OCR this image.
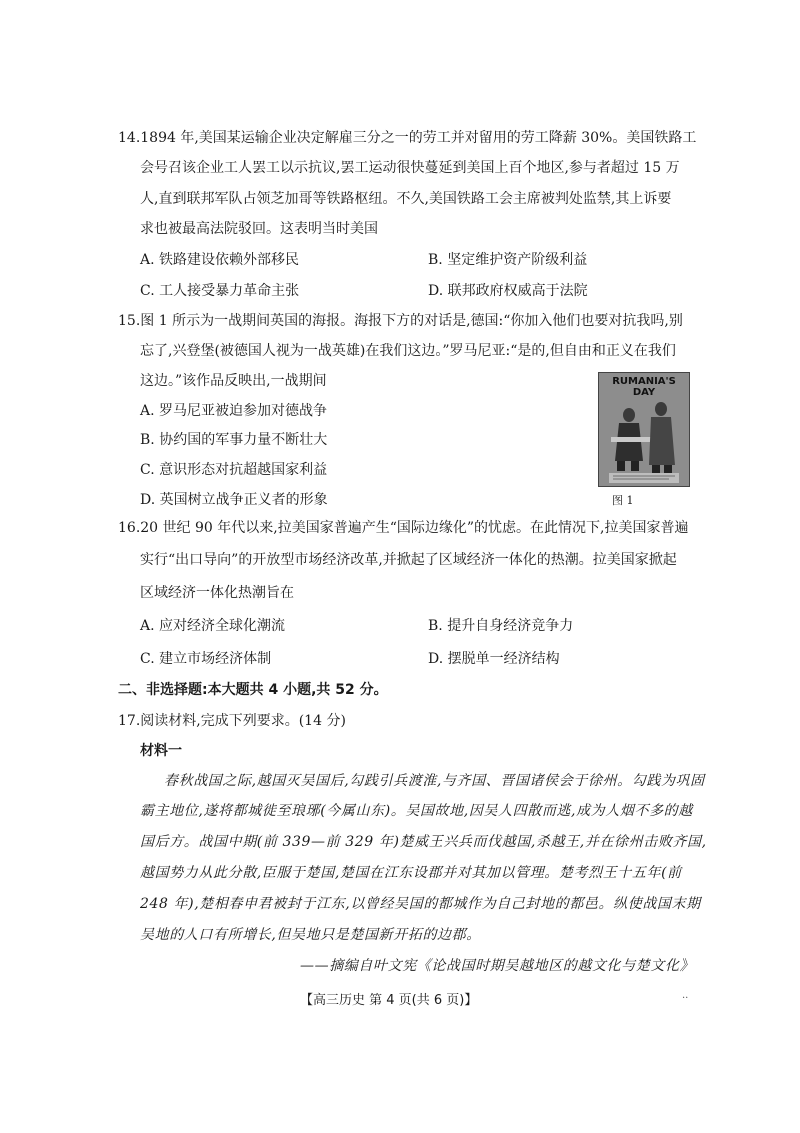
14.1894 年,美国某运输企业决定解雇三分之一的劳工并对留用的劳工降薪 30%。美国铁路工
会号召该企业工人罢工以示抗议,罢工运动很快蔓延到美国上百个地区,参与者超过 15 万
人,直到联邦军队占领芝加哥等铁路枢纽。不久,美国铁路工会主席被判处监禁,其上诉要
求也被最高法院驳回。这表明当时美国
A. 铁路建设依赖外部移民	B. 坚定维护资产阶级利益
C. 工人接受暴力革命主张	D. 联邦政府权威高于法院
15.图 1 所示为一战期间英国的海报。海报下方的对话是,德国:“你加入他们也要对抗我吗,别
忘了,兴登堡(被德国人视为一战英雄)在我们这边。”罗马尼亚:“是的,但自由和正义在我们
这边。”该作品反映出,一战期间
A. 罗马尼亚被迫参加对德战争
B. 协约国的军事力量不断壮大
C. 意识形态对抗超越国家利益
D. 英国树立战争正义者的形象
RUMANIA'S
DAY
图 1
16.20 世纪 90 年代以来,拉美国家普遍产生“国际边缘化”的忧虑。在此情况下,拉美国家普遍
实行“出口导向”的开放型市场经济改革,并掀起了区域经济一体化的热潮。拉美国家掀起
区域经济一体化热潮旨在
A. 应对经济全球化潮流	B. 提升自身经济竞争力
C. 建立市场经济体制	D. 摆脱单一经济结构
二、非选择题:本大题共 4 小题,共 52 分。
17.阅读材料,完成下列要求。(14 分)
材料一
春秋战国之际,越国灭吴国后,勾践引兵渡淮,与齐国、晋国诸侯会于徐州。勾践为巩固
霸主地位,遂将都城徙至琅琊(今属山东)。吴国故地,因吴人四散而逃,成为人烟不多的越
国后方。战国中期(前 339—前 329 年)楚威王兴兵而伐越国,杀越王,并在徐州击败齐国,
越国势力从此分散,臣服于楚国,楚国在江东设郡并对其加以管理。楚考烈王十五年(前
248 年),楚相春申君被封于江东,以曾经吴国的都城作为自己封地的都邑。纵使战国末期
吴地的人口有所增长,但吴地只是楚国新开拓的边郡。
——摘编自叶文宪《论战国时期吴越地区的越文化与楚文化》
【高三历史 第 4 页(共 6 页)】	..
